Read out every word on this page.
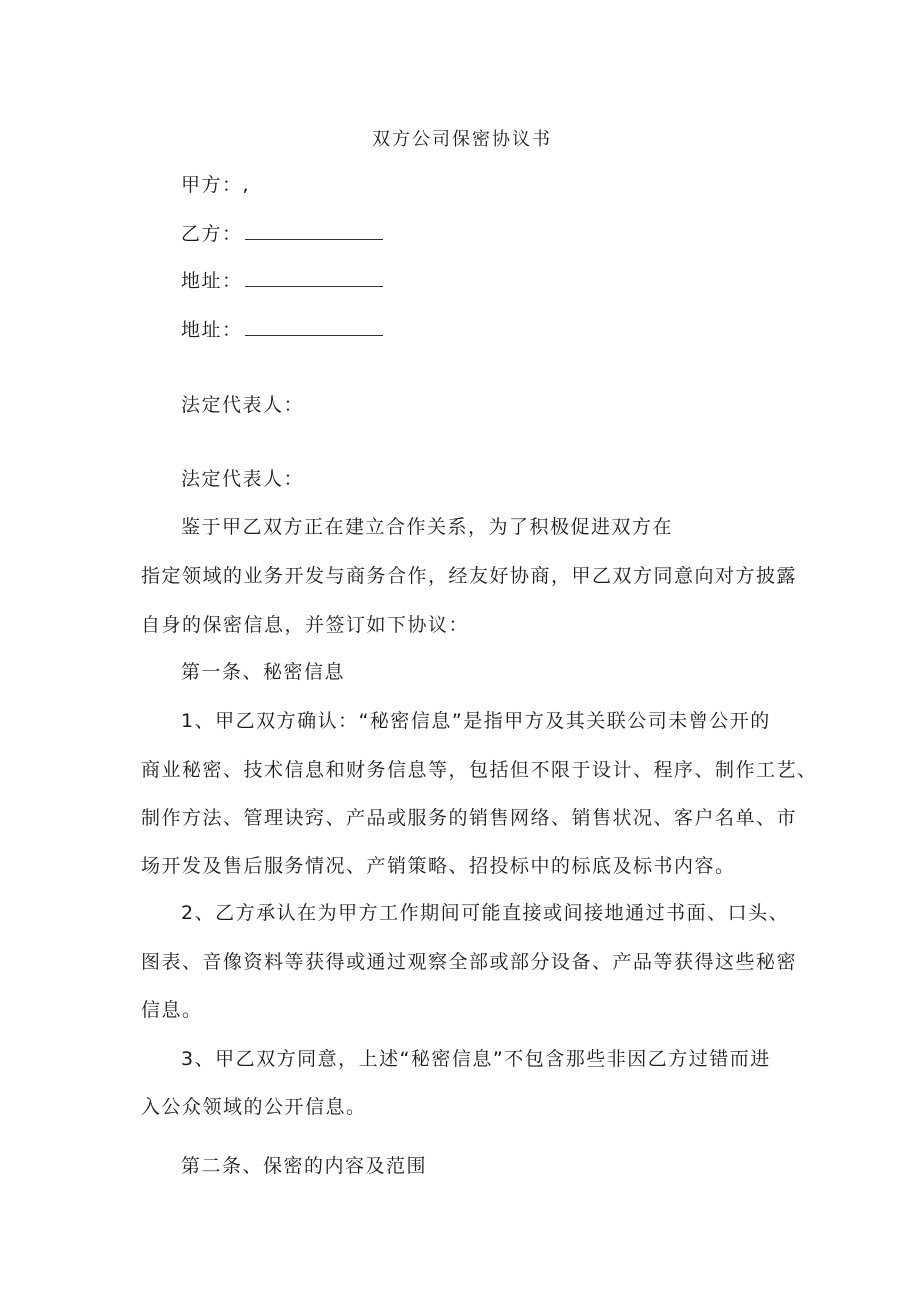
双方公司保密协议书
甲方：,
乙方：
地址：
地址：
法定代表人：
法定代表人：
鉴于甲乙双方正在建立合作关系，为了积极促进双方在
指定领域的业务开发与商务合作，经友好协商，甲乙双方同意向对方披露
自身的保密信息，并签订如下协议：
第一条、秘密信息
1、甲乙双方确认：“秘密信息”是指甲方及其关联公司未曾公开的
商业秘密、技术信息和财务信息等，包括但不限于设计、程序、制作工艺、
制作方法、管理诀窍、产品或服务的销售网络、销售状况、客户名单、市
场开发及售后服务情况、产销策略、招投标中的标底及标书内容。
2、乙方承认在为甲方工作期间可能直接或间接地通过书面、口头、
图表、音像资料等获得或通过观察全部或部分设备、产品等获得这些秘密
信息。
3、甲乙双方同意，上述“秘密信息”不包含那些非因乙方过错而进
入公众领域的公开信息。
第二条、保密的内容及范围
